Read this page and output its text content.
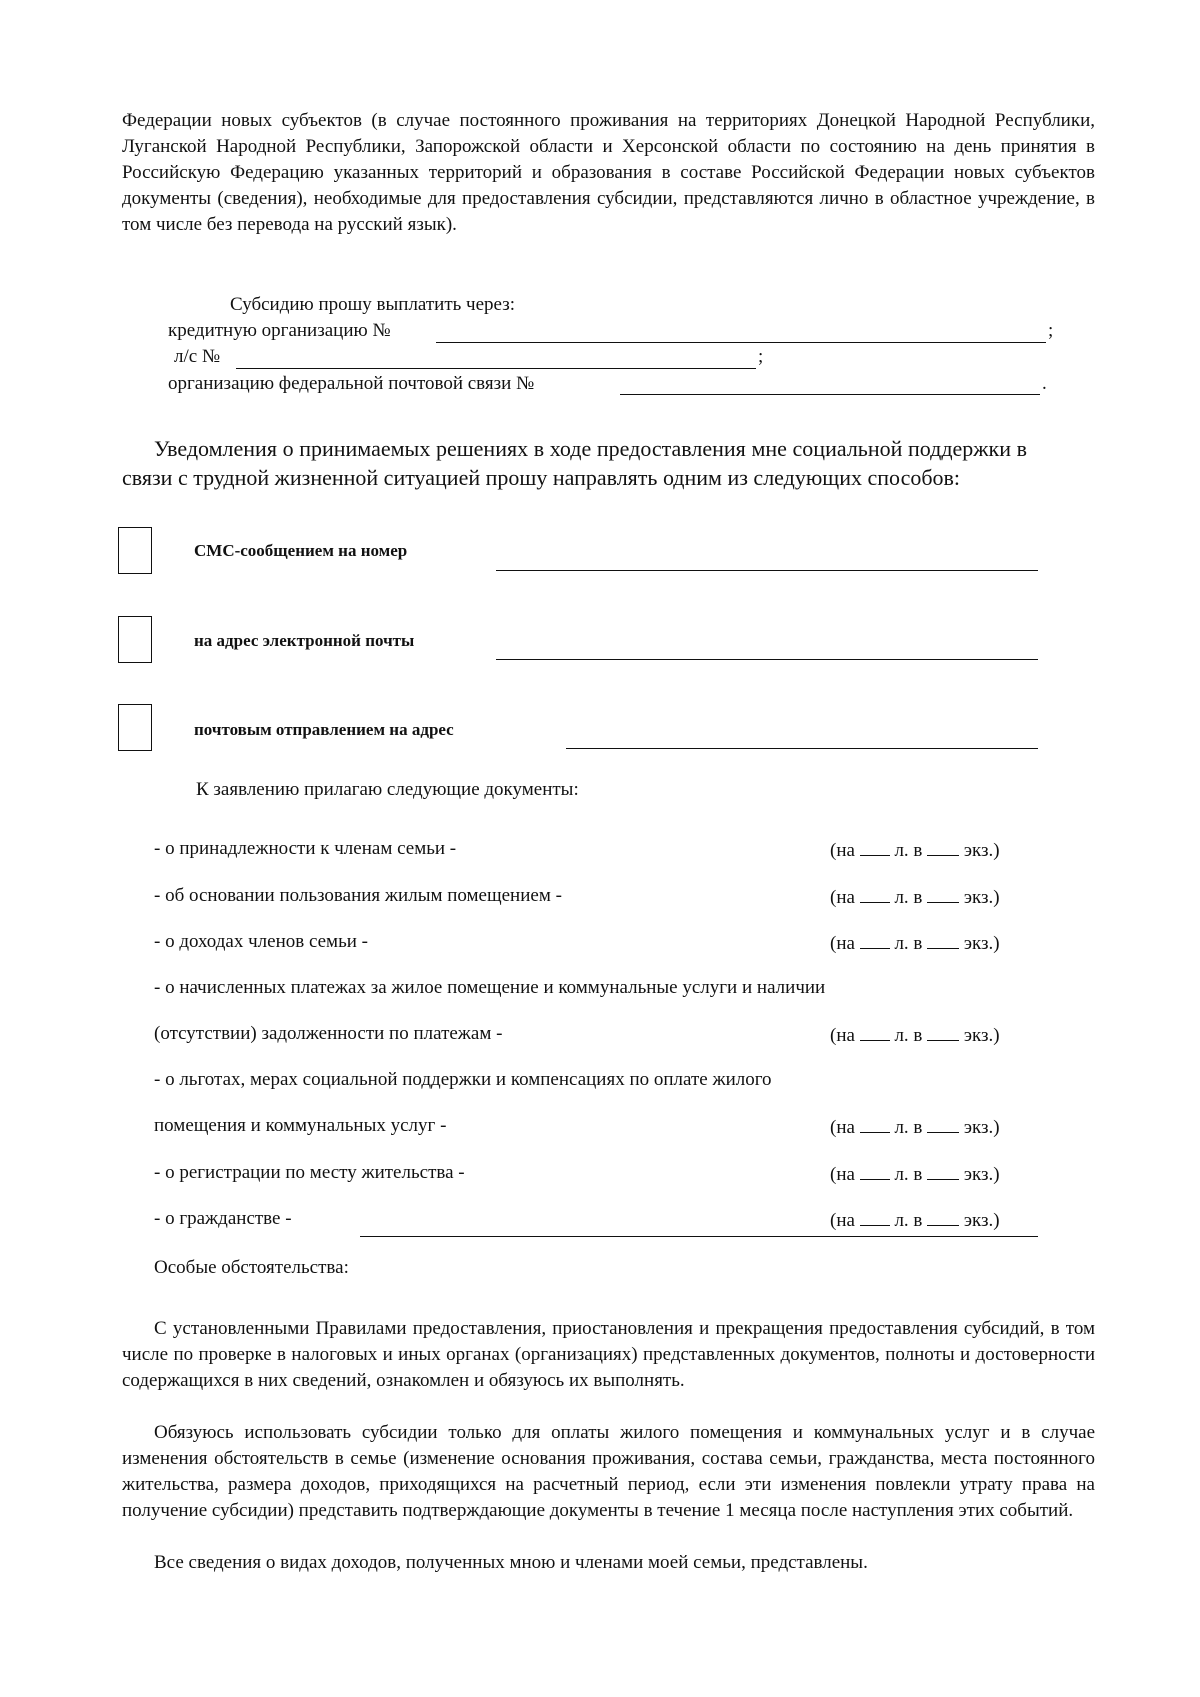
Федерации новых субъектов (в случае постоянного проживания на территориях Донецкой Народной Республики, Луганской Народной Республики, Запорожской области и Херсонской области по состоянию на день принятия в Российскую Федерацию указанных территорий и образования в составе Российской Федерации новых субъектов документы (сведения), необходимые для предоставления субсидии, представляются лично в областное учреждение, в том числе без перевода на русский язык).

Субсидию прошу выплатить через:
кредитную организацию №	;
л/с №	;
организацию федеральной почтовой связи №	.

Уведомления о принимаемых решениях в ходе предоставления мне социальной поддержки в связи с трудной жизненной ситуацией прошу направлять одним из следующих способов:

СМС-сообщением на номер
на адрес электронной почты
почтовым отправлением на адрес
К заявлению прилагаю следующие документы:
- о принадлежности к членам семьи -	(на л. в экз.)
- об основании пользования жилым помещением -	(на л. в экз.)
- о доходах членов семьи -	(на л. в экз.)
- о начисленных платежах за жилое помещение и коммунальные услуги и наличии
(отсутствии) задолженности по платежам -	(на л. в экз.)
- о льготах, мерах социальной поддержки и компенсациях по оплате жилого
помещения и коммунальных услуг -	(на л. в экз.)
- о регистрации по месту жительства -	(на л. в экз.)
- о гражданстве -	(на л. в экз.)
Особые обстоятельства:

С установленными Правилами предоставления, приостановления и прекращения предоставления субсидий, в том числе по проверке в налоговых и иных органах (организациях) представленных документов, полноты и достоверности содержащихся в них сведений, ознакомлен и обязуюсь их выполнять.

Обязуюсь использовать субсидии только для оплаты жилого помещения и коммунальных услуг и в случае изменения обстоятельств в семье (изменение основания проживания, состава семьи, гражданства, места постоянного жительства, размера доходов, приходящихся на расчетный период, если эти изменения повлекли утрату права на получение субсидии) представить подтверждающие документы в течение 1 месяца после наступления этих событий.

Все сведения о видах доходов, полученных мною и членами моей семьи, представлены.
